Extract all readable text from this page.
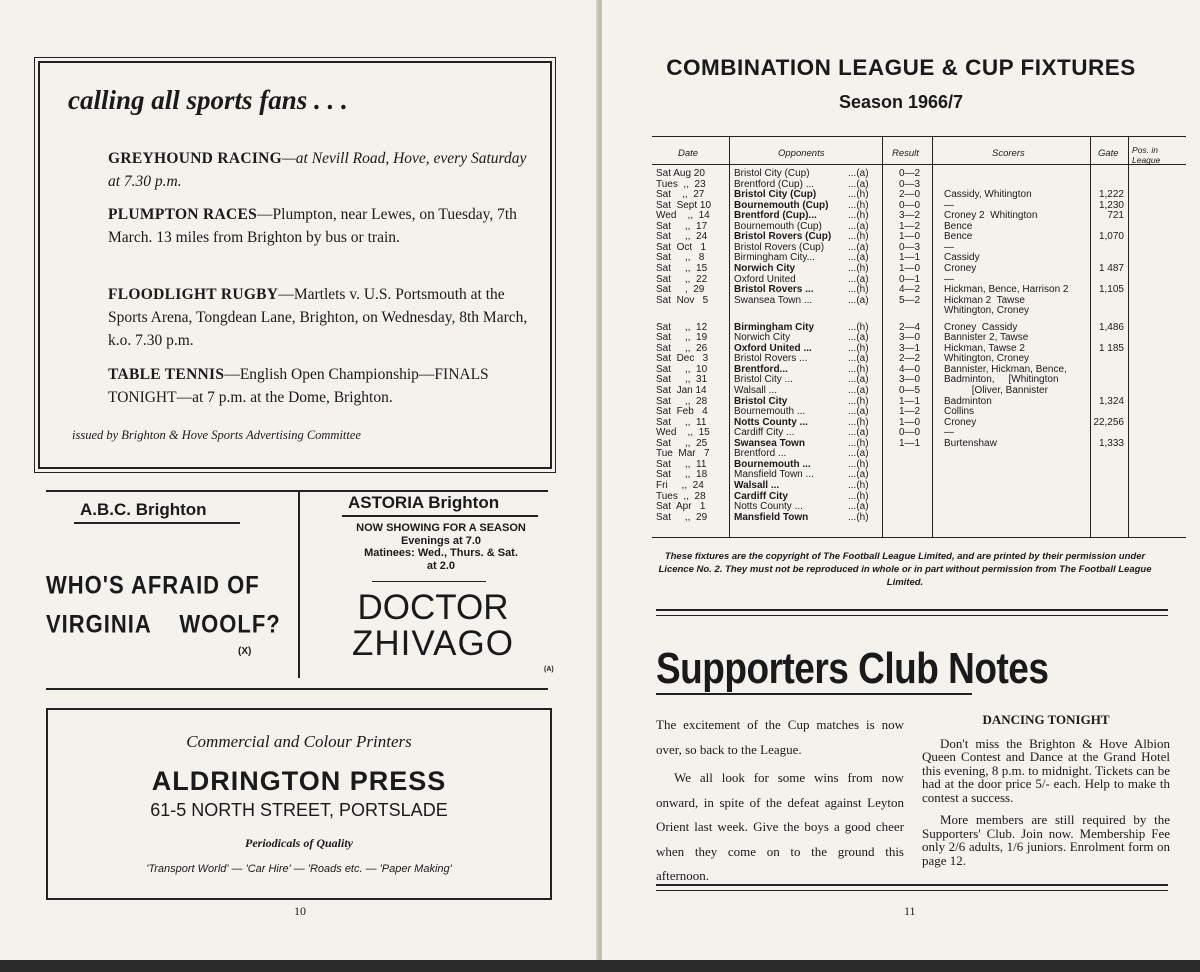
calling all sports fans . . .
GREYHOUND RACING—at Nevill Road, Hove, every Saturday at 7.30 p.m.
PLUMPTON RACES—Plumpton, near Lewes, on Tuesday, 7th March. 13 miles from Brighton by bus or train.
FLOODLIGHT RUGBY—Martlets v. U.S. Portsmouth at the Sports Arena, Tongdean Lane, Brighton, on Wednesday, 8th March, k.o. 7.30 p.m.
TABLE TENNIS—English Open Championship—FINALS TONIGHT—at 7 p.m. at the Dome, Brighton.
issued by Brighton & Hove Sports Advertising Committee
A.B.C. Brighton
WHO'S AFRAID OF
VIRGINIA    WOOLF?
(X)
ASTORIA Brighton
NOW SHOWING FOR A SEASON
Evenings at 7.0
Matinees: Wed., Thurs. & Sat.
at 2.0
DOCTOR
ZHIVAGO
(A)
Commercial and Colour Printers
ALDRINGTON PRESS
61-5 NORTH STREET, PORTSLADE
Periodicals of Quality
'Transport World' — 'Car Hire' — 'Roads etc. — 'Paper Making'
10
COMBINATION LEAGUE & CUP FIXTURES
Season 1966/7
Date	Opponents	Result	Scorers	Gate Pos. in
League
Sat Aug 20	Bristol City (Cup)	...(a)	0—2
Tues  ,,  23	Brentford (Cup) ...	...(a)	0—3
Sat    ,,  27	Bristol City (Cup)	...(h)	2—0 Cassidy, Whitington	1,222
Sat  Sept 10 Bournemouth (Cup) ...(h)	0—0 —	1,230
Wed    ,,  14 Brentford (Cup)...	...(h)	3—2 Croney 2  Whitington	721
Sat     ,,  17	Bournemouth (Cup)	...(a)	1—2 Bence
Sat     ,,  24	Bristol Rovers (Cup) ...(h)	1—0 Bence	1,070
Sat  Oct   1	Bristol Rovers (Cup) ...(a)	0—3 —
Sat     ,,   8	Birmingham City...	...(a)	1—1 Cassidy
Sat     ,,  15	Norwich City	...(h)	1—0 Croney	1 487
Sat     ,,  22	Oxford United	...(a)	0—1 —
Sat     ,  29	Bristol Rovers ...	...(h)	4—2 Hickman, Bence, Harrison 2	1,105
Sat  Nov   5	Swansea Town ...	...(a)	5—2 Hickman 2  Tawse
Whitington, Croney
Sat     ,,  12	Birmingham City	...(h)	2—4 Croney  Cassidy	1,486
Sat     ,,  19	Norwich City	...(a)	3—0 Bannister 2, Tawse
Sat     ,,  26	Oxford United ...	...(h)	3—1 Hickman, Tawse 2	1 185
Sat  Dec   3	Bristol Rovers ...	...(a)	2—2 Whitington, Croney
Sat     ,,  10	Brentford...	...(h)	4—0 Bannister, Hickman, Bence,
Sat     ,,  31	Bristol City ...	...(a)	3—0 Badminton,     [Whitington
Sat  Jan 14	Walsall ...	...(a)	0—5 [Oliver, Bannister
Sat     ,,  28	Bristol City	...(h)	1—1 Badminton	1,324
Sat  Feb   4	Bournemouth ...	...(a)	1—2 Collins
Sat     ,,  11	Notts County ...	...(h)	1—0 Croney	22,256
Wed    ,,  15 Cardiff City ...	...(a)	0—0 —
Sat     ,,  25	Swansea Town	...(h)	1—1 Burtenshaw	1,333
Tue  Mar   7 Brentford ...	...(a)
Sat     ,,  11	Bournemouth ...	...(h)
Sat     ,,  18	Mansfield Town ...	...(a)
Fri     ,,  24	Walsall ...	...(h)
Tues  ,,  28	Cardiff City	...(h)
Sat  Apr   1	Notts County ...	...(a)
Sat     ,,  29	Mansfield Town	...(h)
These fixtures are the copyright of The Football League Limited, and are printed by their permission under Licence No. 2. They must not be reproduced in whole or in part without permission from The Football League Limited.
Supporters Club Notes
The excitement of the Cup matches is now over, so back to the League.
We all look for some wins from now onward, in spite of the defeat against Leyton Orient last week. Give the boys a good cheer when they come on to the ground this afternoon.
DANCING TONIGHT

Don't miss the Brighton & Hove Albion Queen Contest and Dance at the Grand Hotel this evening, 8 p.m. to midnight. Tickets can be had at the door price 5/- each. Help to make th contest a success.

More members are still required by the Supporters' Club. Join now. Membership Fee only 2/6 adults, 1/6 juniors. Enrolment form on page 12.

11
